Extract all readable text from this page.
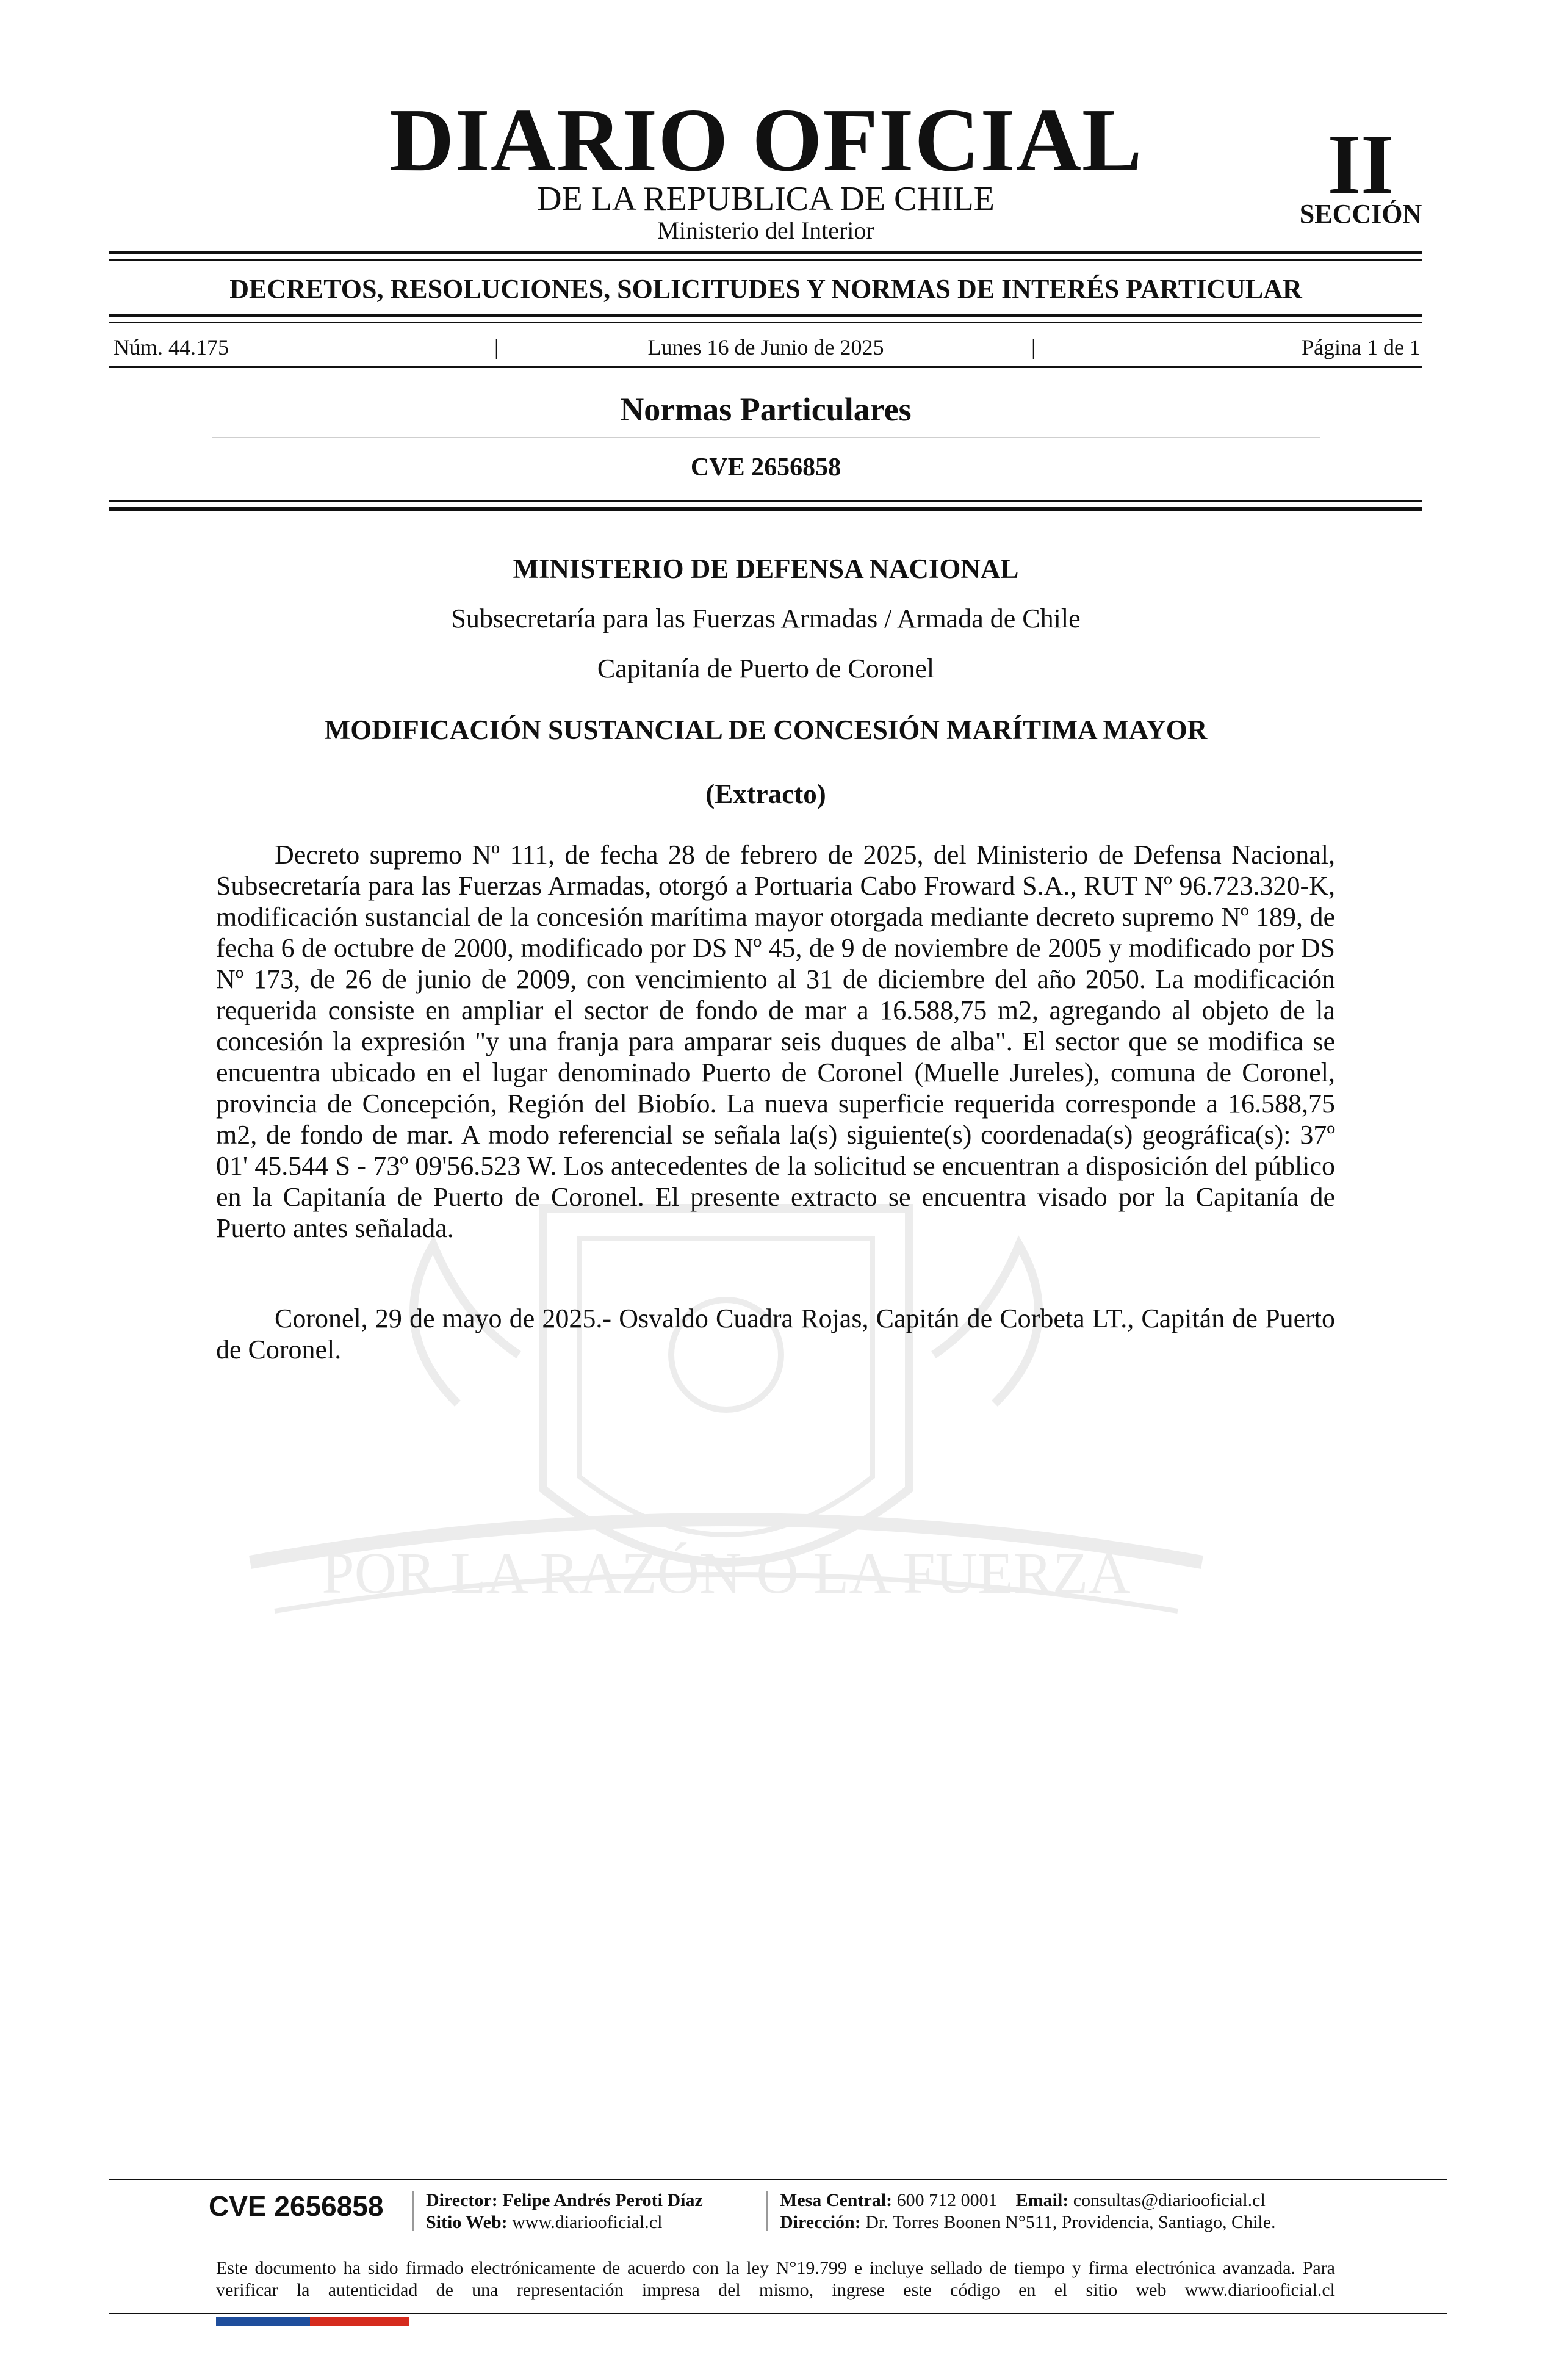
DIARIO OFICIAL
DE LA REPUBLICA DE CHILE
Ministerio del Interior
II
SECCIÓN
DECRETOS, RESOLUCIONES, SOLICITUDES Y NORMAS DE INTERÉS PARTICULAR
Núm. 44.175	|	Lunes 16 de Junio de 2025	|	Página 1 de 1
Normas Particulares
CVE 2656858
POR LA RAZÓN O LA FUERZA
MINISTERIO DE DEFENSA NACIONAL
Subsecretaría para las Fuerzas Armadas / Armada de Chile
Capitanía de Puerto de Coronel
MODIFICACIÓN SUSTANCIAL DE CONCESIÓN MARÍTIMA MAYOR
(Extracto)

Decreto supremo Nº 111, de fecha 28 de febrero de 2025, del Ministerio de Defensa Nacional, Subsecretaría para las Fuerzas Armadas, otorgó a Portuaria Cabo Froward S.A., RUT Nº 96.723.320-K, modificación sustancial de la concesión marítima mayor otorgada mediante decreto supremo Nº 189, de fecha 6 de octubre de 2000, modificado por DS Nº 45, de 9 de noviembre de 2005 y modificado por DS Nº 173, de 26 de junio de 2009, con vencimiento al 31 de diciembre del año 2050. La modificación requerida consiste en ampliar el sector de fondo de mar a 16.588,75 m2, agregando al objeto de la concesión la expresión "y una franja para amparar seis duques de alba". El sector que se modifica se encuentra ubicado en el lugar denominado Puerto de Coronel (Muelle Jureles), comuna de Coronel, provincia de Concepción, Región del Biobío. La nueva superficie requerida corresponde a 16.588,75 m2, de fondo de mar. A modo referencial se señala la(s) siguiente(s) coordenada(s) geográfica(s): 37º 01' 45.544 S - 73º 09'56.523 W. Los antecedentes de la solicitud se encuentran a disposición del público en la Capitanía de Puerto de Coronel. El presente extracto se encuentra visado por la Capitanía de Puerto antes señalada.

Coronel, 29 de mayo de 2025.- Osvaldo Cuadra Rojas, Capitán de Corbeta LT., Capitán de Puerto de Coronel.

CVE 2656858 Director: Felipe Andrés Peroti Díaz
Sitio Web: www.diariooficial.cl
Mesa Central: 600 712 0001 Email: consultas@diariooficial.cl
Dirección: Dr. Torres Boonen N°511, Providencia, Santiago, Chile.
Este documento ha sido firmado electrónicamente de acuerdo con la ley N°19.799 e incluye sellado de tiempo y firma electrónica avanzada. Para verificar la autenticidad de una representación impresa del mismo, ingrese este código en el sitio web www.diariooficial.cl
